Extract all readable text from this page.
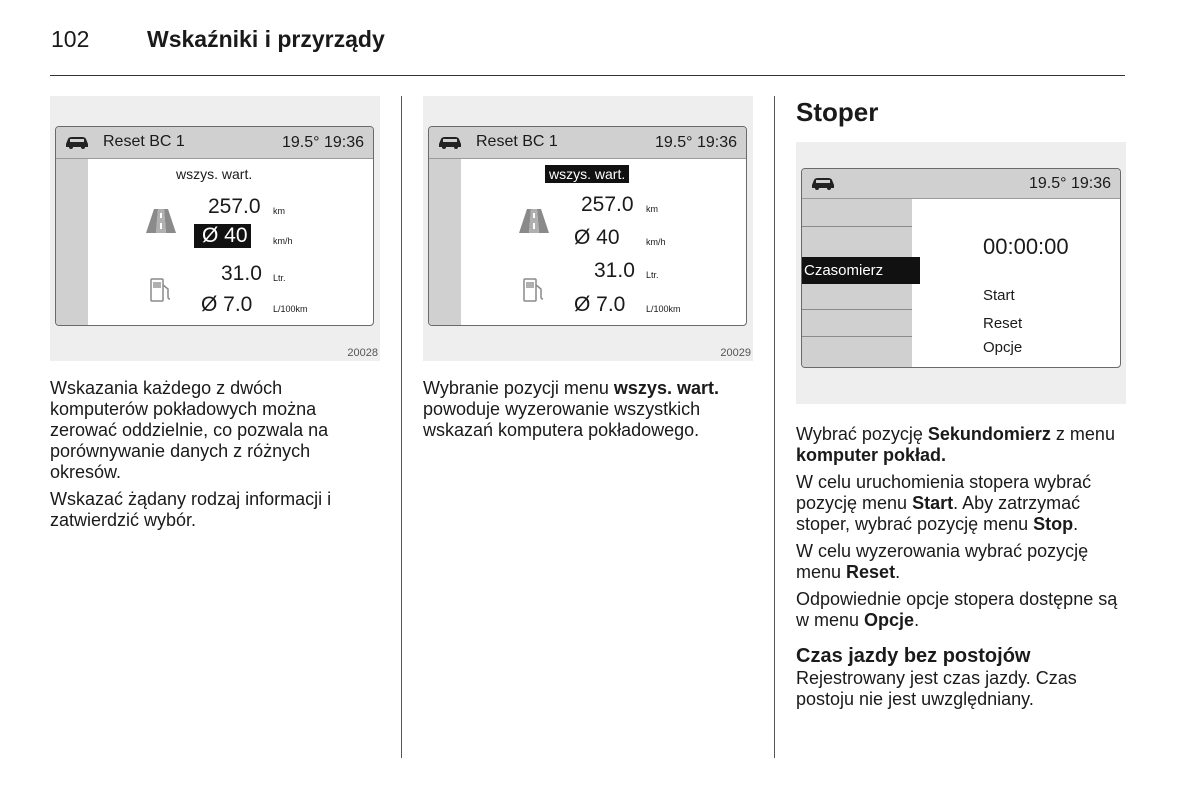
102	Wskaźniki i przyrządy
Reset BC 1	19.5° 19:36
wszys. wart.
257.0 km
Ø 40	km/h
31.0 Ltr.
Ø 7.0 L/100km
20028
Reset BC 1	19.5° 19:36
wszys. wart.
257.0 km
Ø 40	km/h
31.0 Ltr.
Ø 7.0 L/100km
20029

Wskazania każdego z dwóch komputerów pokładowych można zerować oddzielnie, co pozwala na porównywanie danych z różnych okresów.

Wskazać żądany rodzaj informacji i zatwierdzić wybór.

Wybranie pozycji menu wszys. wart. powoduje wyzerowanie wszystkich wskazań komputera pokładowego.

Stoper
19.5° 19:36
Czasomierz
00:00:00
Start
Reset
Opcje

Wybrać pozycję Sekundomierz z menu komputer pokład.

W celu uruchomienia stopera wybrać pozycję menu Start. Aby zatrzymać stoper, wybrać pozycję menu Stop.

W celu wyzerowania wybrać pozycję menu Reset.

Odpowiednie opcje stopera dostępne są w menu Opcje.

Czas jazdy bez postojów

Rejestrowany jest czas jazdy. Czas postoju nie jest uwzględniany.
